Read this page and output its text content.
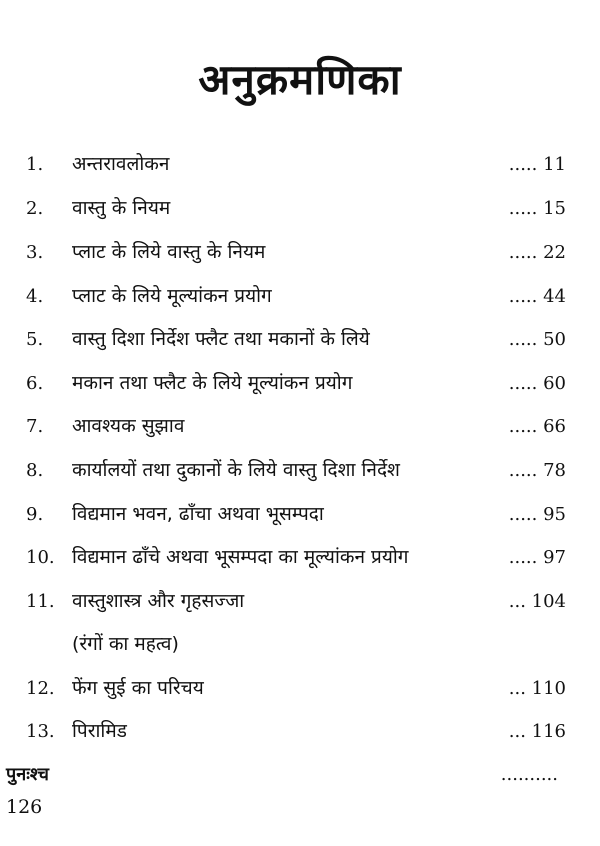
अनुक्रमणिका
1.	अन्तरावलोकन	..... 11
2.	वास्तु के नियम	..... 15
3.	प्लाट के लिये वास्तु के नियम	..... 22
4.	प्लाट के लिये मूल्यांकन प्रयोग	..... 44
5.	वास्तु दिशा निर्देश फ्लैट तथा मकानों के लिये	..... 50
6.	मकान तथा फ्लैट के लिये मूल्यांकन प्रयोग	..... 60
7.	आवश्यक सुझाव	..... 66
8.	कार्यालयों तथा दुकानों के लिये वास्तु दिशा निर्देश	..... 78
9.	विद्यमान भवन, ढाँचा अथवा भूसम्पदा	..... 95
10. विद्यमान ढाँचे अथवा भूसम्पदा का मूल्यांकन प्रयोग	..... 97
11. वास्तुशास्त्र और गृहसज्जा	... 104
(रंगों का महत्व)
12. फेंग सुई का परिचय	... 110
13. पिरामिड	... 116
पुनःश्च	..........
126
